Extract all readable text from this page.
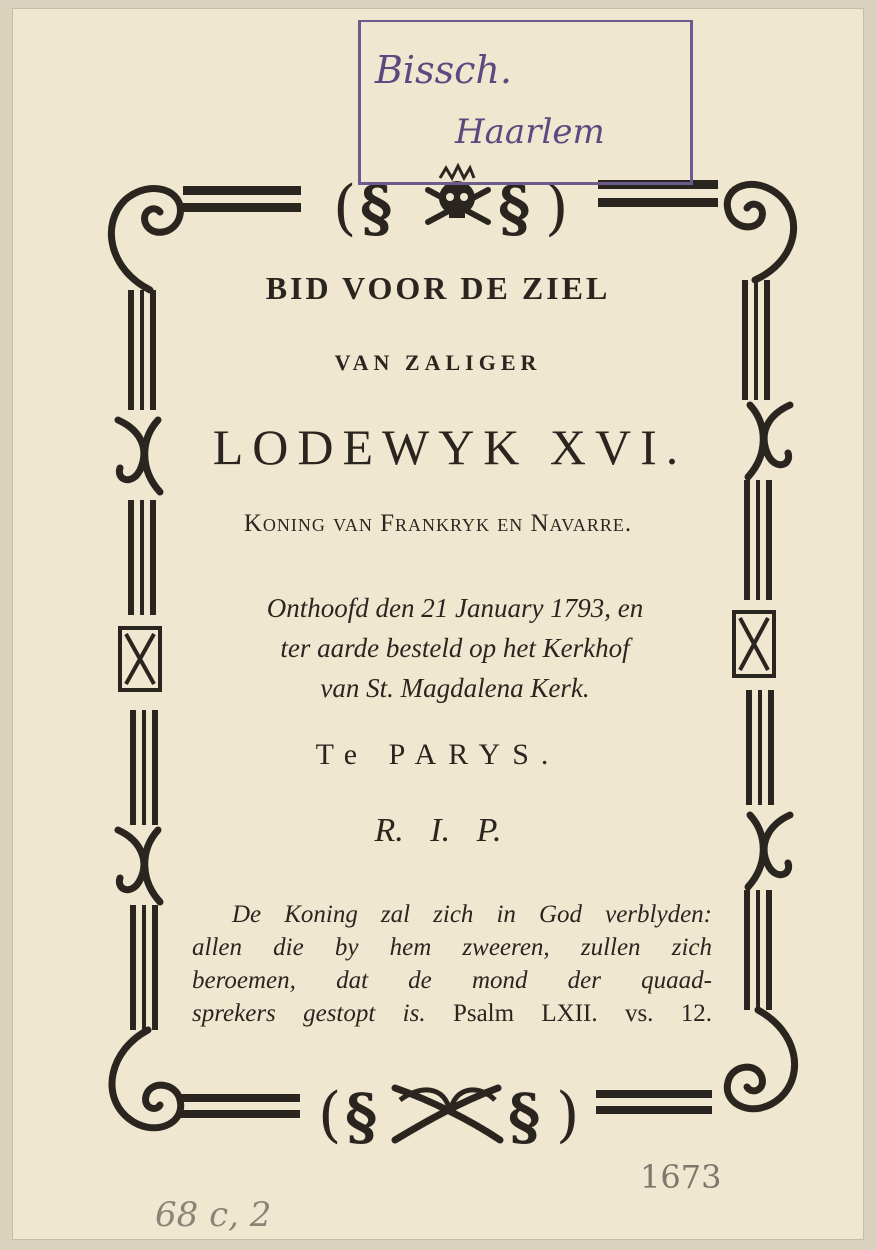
( § § )
( § § )
Bissch.
Haarlem
BID VOOR DE ZIEL
VAN ZALIGER
LODEWYK XVI.
Koning van Frankryk en Navarre.
Onthoofd den 21 January 1793, en
ter aarde besteld op het Kerkhof
van St. Magdalena Kerk.
Te PARYS.
R. I. P.
De Koning zal zich in God verblyden:
allen die by hem zweeren, zullen zich
beroemen, dat de mond der quaad-
sprekers gestopt is. Psalm LXII. vs. 12.
1673
68 c, 2
